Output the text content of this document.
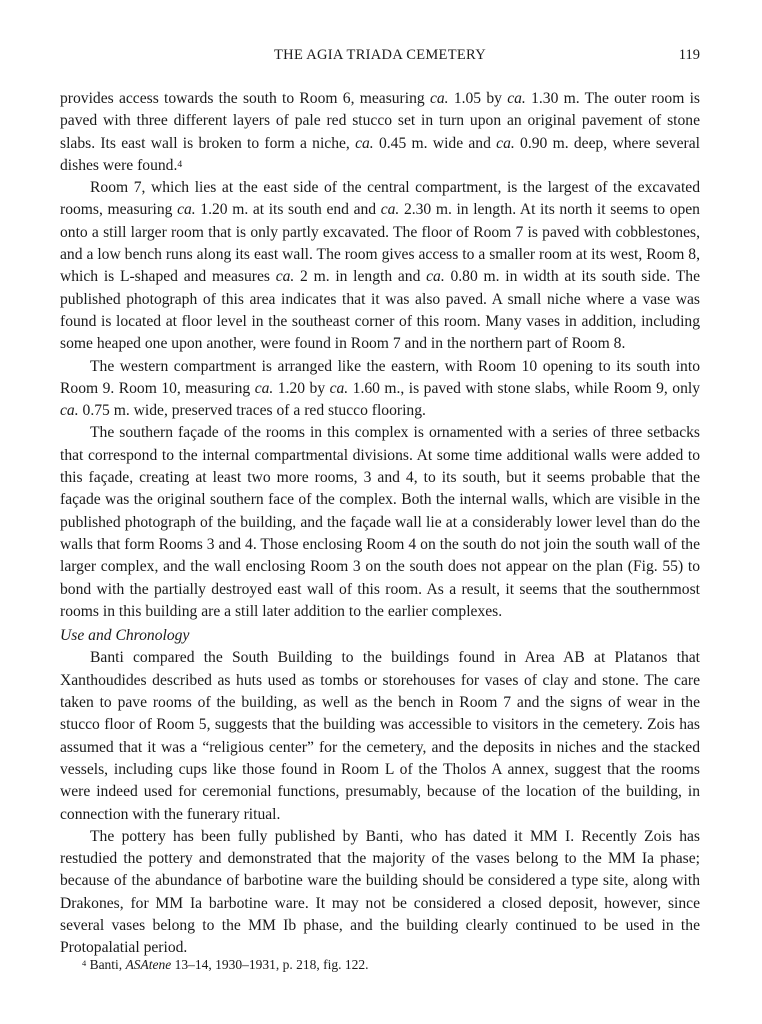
THE AGIA TRIADA CEMETERY	119

provides access towards the south to Room 6, measuring ca. 1.05 by ca. 1.30 m. The outer room is paved with three different layers of pale red stucco set in turn upon an original pavement of stone slabs. Its east wall is broken to form a niche, ca. 0.45 m. wide and ca. 0.90 m. deep, where several dishes were found.$^4$

Room 7, which lies at the east side of the central compartment, is the largest of the excavated rooms, measuring ca. 1.20 m. at its south end and ca. 2.30 m. in length. At its north it seems to open onto a still larger room that is only partly excavated. The floor of Room 7 is paved with cobblestones, and a low bench runs along its east wall. The room gives access to a smaller room at its west, Room 8, which is L-shaped and measures ca. 2 m. in length and ca. 0.80 m. in width at its south side. The published photograph of this area indicates that it was also paved. A small niche where a vase was found is located at floor level in the southeast corner of this room. Many vases in addition, including some heaped one upon another, were found in Room 7 and in the northern part of Room 8.

The western compartment is arranged like the eastern, with Room 10 opening to its south into Room 9. Room 10, measuring ca. 1.20 by ca. 1.60 m., is paved with stone slabs, while Room 9, only ca. 0.75 m. wide, preserved traces of a red stucco flooring.

The southern façade of the rooms in this complex is ornamented with a series of three setbacks that correspond to the internal compartmental divisions. At some time additional walls were added to this façade, creating at least two more rooms, 3 and 4, to its south, but it seems probable that the façade was the original southern face of the complex. Both the internal walls, which are visible in the published photograph of the building, and the façade wall lie at a considerably lower level than do the walls that form Rooms 3 and 4. Those enclosing Room 4 on the south do not join the south wall of the larger complex, and the wall enclosing Room 3 on the south does not appear on the plan (Fig. 55) to bond with the partially destroyed east wall of this room. As a result, it seems that the southernmost rooms in this building are a still later addition to the earlier complexes.

Use and Chronology

Banti compared the South Building to the buildings found in Area AB at Platanos that Xanthoudides described as huts used as tombs or storehouses for vases of clay and stone. The care taken to pave rooms of the building, as well as the bench in Room 7 and the signs of wear in the stucco floor of Room 5, suggests that the building was accessible to visitors in the cemetery. Zois has assumed that it was a “religious center” for the cemetery, and the deposits in niches and the stacked vessels, including cups like those found in Room L of the Tholos A annex, suggest that the rooms were indeed used for ceremonial functions, presumably, because of the location of the building, in connection with the funerary ritual.

The pottery has been fully published by Banti, who has dated it MM I. Recently Zois has restudied the pottery and demonstrated that the majority of the vases belong to the MM Ia phase; because of the abundance of barbotine ware the building should be considered a type site, along with Drakones, for MM Ia barbotine ware. It may not be considered a closed deposit, however, since several vases belong to the MM Ib phase, and the building clearly continued to be used in the Protopalatial period.

$^4$ Banti, ASAtene 13–14, 1930–1931, p. 218, fig. 122.
